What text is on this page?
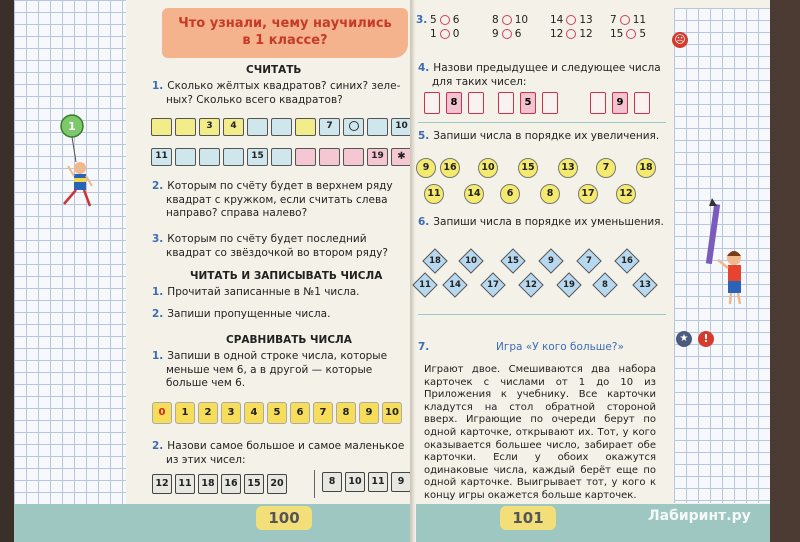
1
Что узнали, чему научились
в 1 классе?
СЧИТАТЬ
1. Сколько жёлтых квадратов? синих? зеле-
ных? Сколько всего квадратов?
3	4	7	10
11	15	19	✱
2. Которым по счёту будет в верхнем ряду
квадрат с кружком, если считать слева
направо? справа налево?
3. Которым по счёту будет последний
квадрат со звёздочкой во втором ряду?
ЧИТАТЬ И ЗАПИСЫВАТЬ ЧИСЛА
1. Прочитай записанные в №1 числа.
2. Запиши пропущенные числа.
СРАВНИВАТЬ ЧИСЛА
1. Запиши в одной строке числа, которые
меньше чем 6, а в другой — которые
больше чем 6.
0	1	2	3	4	5	6	7	8	9	10
2. Назови самое большое и самое маленькое
из этих чисел:
12	11	18	16	15	20	8	10	11	9
100
☹
★	!
3. 5 6
1 0
8 10
9 6
14 13
12 12
7 11
15 5
4. Назови предыдущее и следующее числа
для таких чисел:
8	5	9
5. Запиши числа в порядке их увеличения.
9	16	10	15	13	7	18
11	14	6	8	17	12
6. Запиши числа в порядке их уменьшения.
18	10	15	9	7	16
11 14	17	12	19	8	13
7.	Игра «У кого больше?»
Играют двое. Смешиваются два набора карточек с числами от 1 до 10 из Приложения к учебнику. Все карточки кладутся на стол обратной стороной вверх. Играющие по очереди берут по одной карточке, открывают их. Тот, у кого оказывается большее число, забирает обе карточки. Если у обоих окажутся одинаковые числа, каждый берёт еще по одной карточке. Выигрывает тот, у кого к концу игры окажется больше карточек.
101	Лабиринт.ру
